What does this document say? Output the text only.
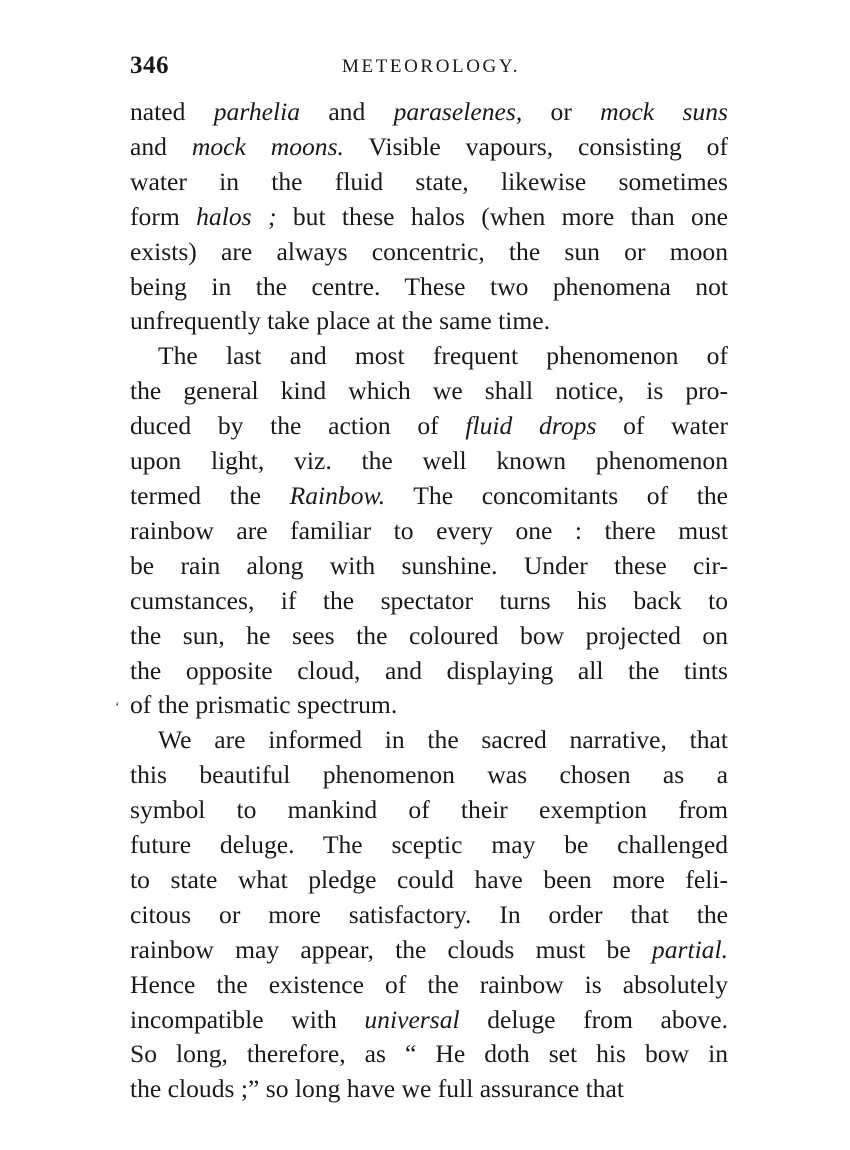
346	METEOROLOGY.
ʻ
nated parhelia and paraselenes, or mock suns
and mock moons. Visible vapours, consisting of
water in the fluid state, likewise sometimes
form halos ; but these halos (when more than one
exists) are always concentric, the sun or moon
being in the centre. These two phenomena not
unfrequently take place at the same time.
The last and most frequent phenomenon of
the general kind which we shall notice, is pro-
duced by the action of fluid drops of water
upon light, viz. the well known phenomenon
termed the Rainbow. The concomitants of the
rainbow are familiar to every one : there must
be rain along with sunshine. Under these cir-
cumstances, if the spectator turns his back to
the sun, he sees the coloured bow projected on
the opposite cloud, and displaying all the tints
of the prismatic spectrum.
We are informed in the sacred narrative, that
this beautiful phenomenon was chosen as a
symbol to mankind of their exemption from
future deluge. The sceptic may be challenged
to state what pledge could have been more feli-
citous or more satisfactory. In order that the
rainbow may appear, the clouds must be partial.
Hence the existence of the rainbow is absolutely
incompatible with universal deluge from above.
So long, therefore, as “ He doth set his bow in
the clouds ;” so long have we full assurance that
